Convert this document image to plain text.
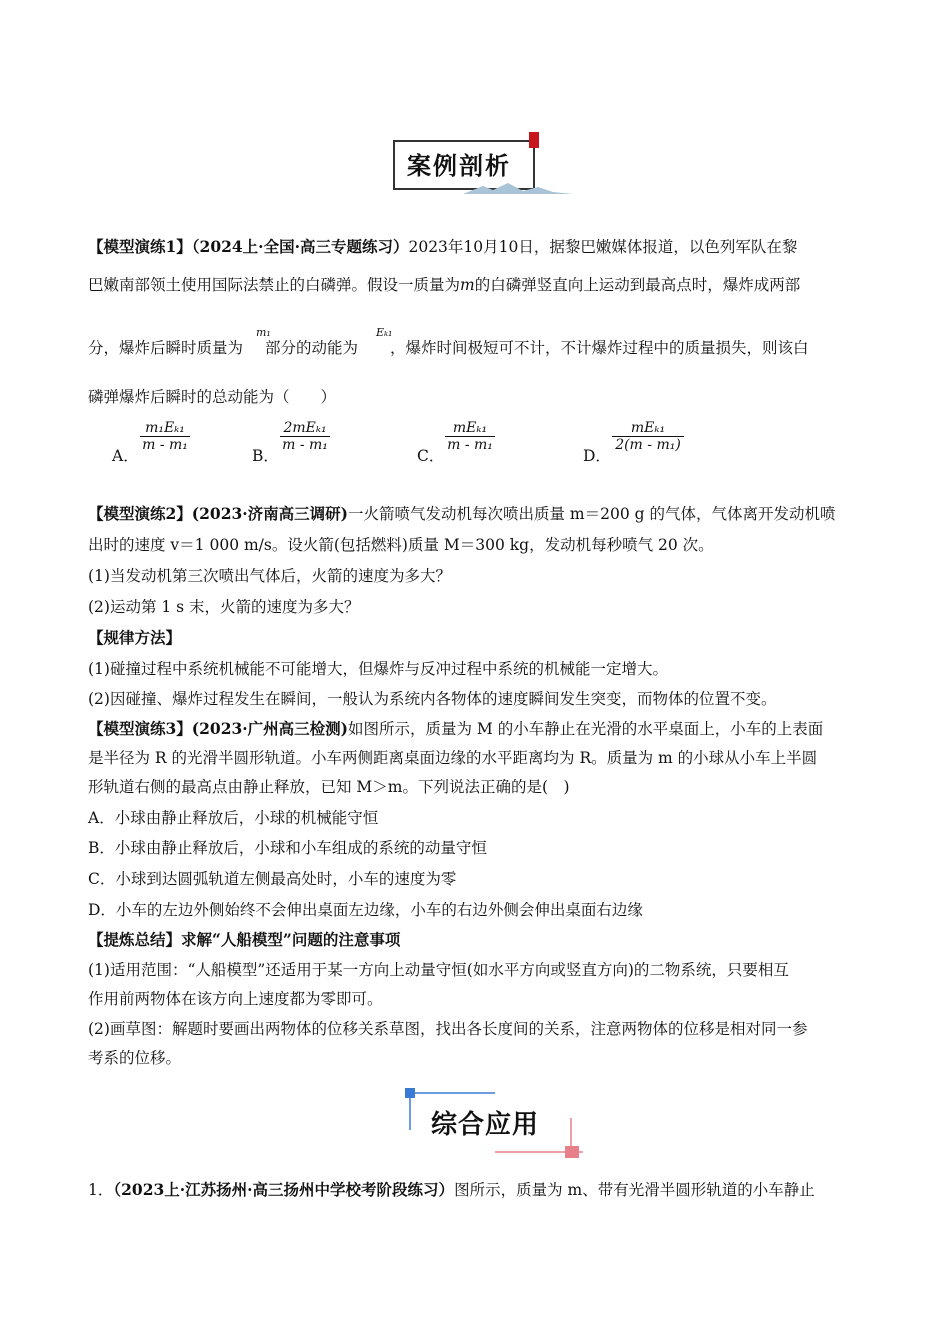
案例剖析
【模型演练1】（2024上·全国·高三专题练习）2023年10月10日，据黎巴嫩媒体报道，以色列军队在黎
巴嫩南部领土使用国际法禁止的白磷弹。假设一质量为m的白磷弹竖直向上运动到最高点时，爆炸成两部
m₁	Eₖ₁
分，爆炸后瞬时质量为 部分的动能为 ，爆炸时间极短可不计，不计爆炸过程中的质量损失，则该白
磷弹爆炸后瞬时的总动能为（　　）
A．
m₁Eₖ₁
m - m₁
B．
2mEₖ₁
m - m₁
C．
mEₖ₁
m - m₁
D．
mEₖ₁
2(m - m₁)
【模型演练2】(2023·济南高三调研)一火箭喷气发动机每次喷出质量 m＝200 g 的气体，气体离开发动机喷
出时的速度 v＝1 000 m/s。设火箭(包括燃料)质量 M＝300 kg，发动机每秒喷气 20 次。
(1)当发动机第三次喷出气体后，火箭的速度为多大？
(2)运动第 1 s 末，火箭的速度为多大？
【规律方法】
(1)碰撞过程中系统机械能不可能增大，但爆炸与反冲过程中系统的机械能一定增大。
(2)因碰撞、爆炸过程发生在瞬间，一般认为系统内各物体的速度瞬间发生突变，而物体的位置不变。
【模型演练3】(2023·广州高三检测)如图所示，质量为 M 的小车静止在光滑的水平桌面上，小车的上表面
是半径为 R 的光滑半圆形轨道。小车两侧距离桌面边缘的水平距离均为 R。质量为 m 的小球从小车上半圆
形轨道右侧的最高点由静止释放，已知 M＞m。下列说法正确的是(　)
A．小球由静止释放后，小球的机械能守恒
B．小球由静止释放后，小球和小车组成的系统的动量守恒
C．小球到达圆弧轨道左侧最高处时，小车的速度为零
D．小车的左边外侧始终不会伸出桌面左边缘，小车的右边外侧会伸出桌面右边缘
【提炼总结】求解“人船模型”问题的注意事项
(1)适用范围：“人船模型”还适用于某一方向上动量守恒(如水平方向或竖直方向)的二物系统，只要相互
作用前两物体在该方向上速度都为零即可。
(2)画草图：解题时要画出两物体的位移关系草图，找出各长度间的关系，注意两物体的位移是相对同一参
考系的位移。
综合应用
1．（2023上·江苏扬州·高三扬州中学校考阶段练习）图所示，质量为 m、带有光滑半圆形轨道的小车静止
